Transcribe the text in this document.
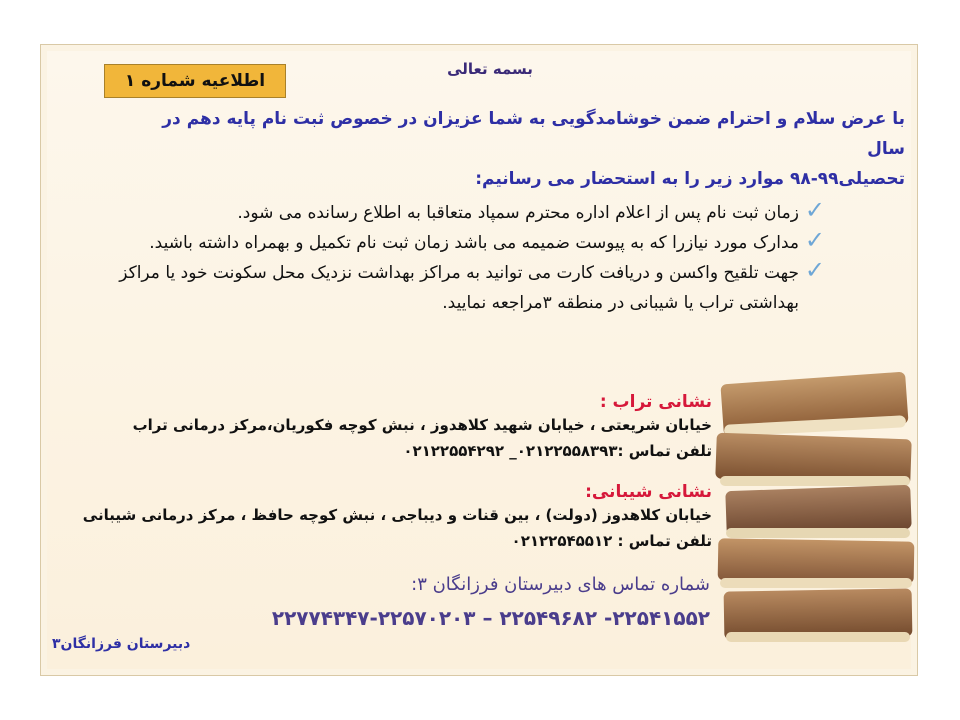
بسمه تعالی
اطلاعیه شماره ۱
با عرض سلام و احترام ضمن خوشامدگویی به شما عزیزان در خصوص ثبت نام پایه دهم در سال
تحصیلی۹۹-۹۸ موارد زیر را به استحضار می رسانیم:
✓
زمان ثبت نام پس از اعلام اداره محترم سمپاد متعاقبا به اطلاع رسانده می شود.
✓
مدارک مورد نیازرا که به پیوست ضمیمه می باشد زمان ثبت نام تکمیل و بهمراه داشته باشید.
✓
جهت تلقیح واکسن و دریافت کارت می توانید به مراکز بهداشت نزدیک محل سکونت خود یا مراکز بهداشتی تراب یا شیبانی در منطقه ۳مراجعه نمایید.
نشانی تراب :
خیابان شریعتی ، خیابان شهید کلاهدوز ، نبش کوچه فکوریان،مرکز درمانی تراب
تلفن تماس :۰۲۱۲۲۵۵۸۳۹۳_ ۰۲۱۲۲۵۵۴۲۹۲
نشانی شیبانی:
خیابان کلاهدوز (دولت) ، بین قنات و دیباجی ، نبش کوچه حافظ ، مرکز درمانی شیبانی
تلفن تماس : ۰۲۱۲۲۵۴۵۵۱۲
شماره تماس های دبیرستان فرزانگان ۳:
۲۲۵۴۱۵۵۲- ۲۲۵۴۹۶۸۲ – ۲۲۷۷۴۳۴۷-۲۲۵۷۰۲۰۳
دبیرستان فرزانگان۳
